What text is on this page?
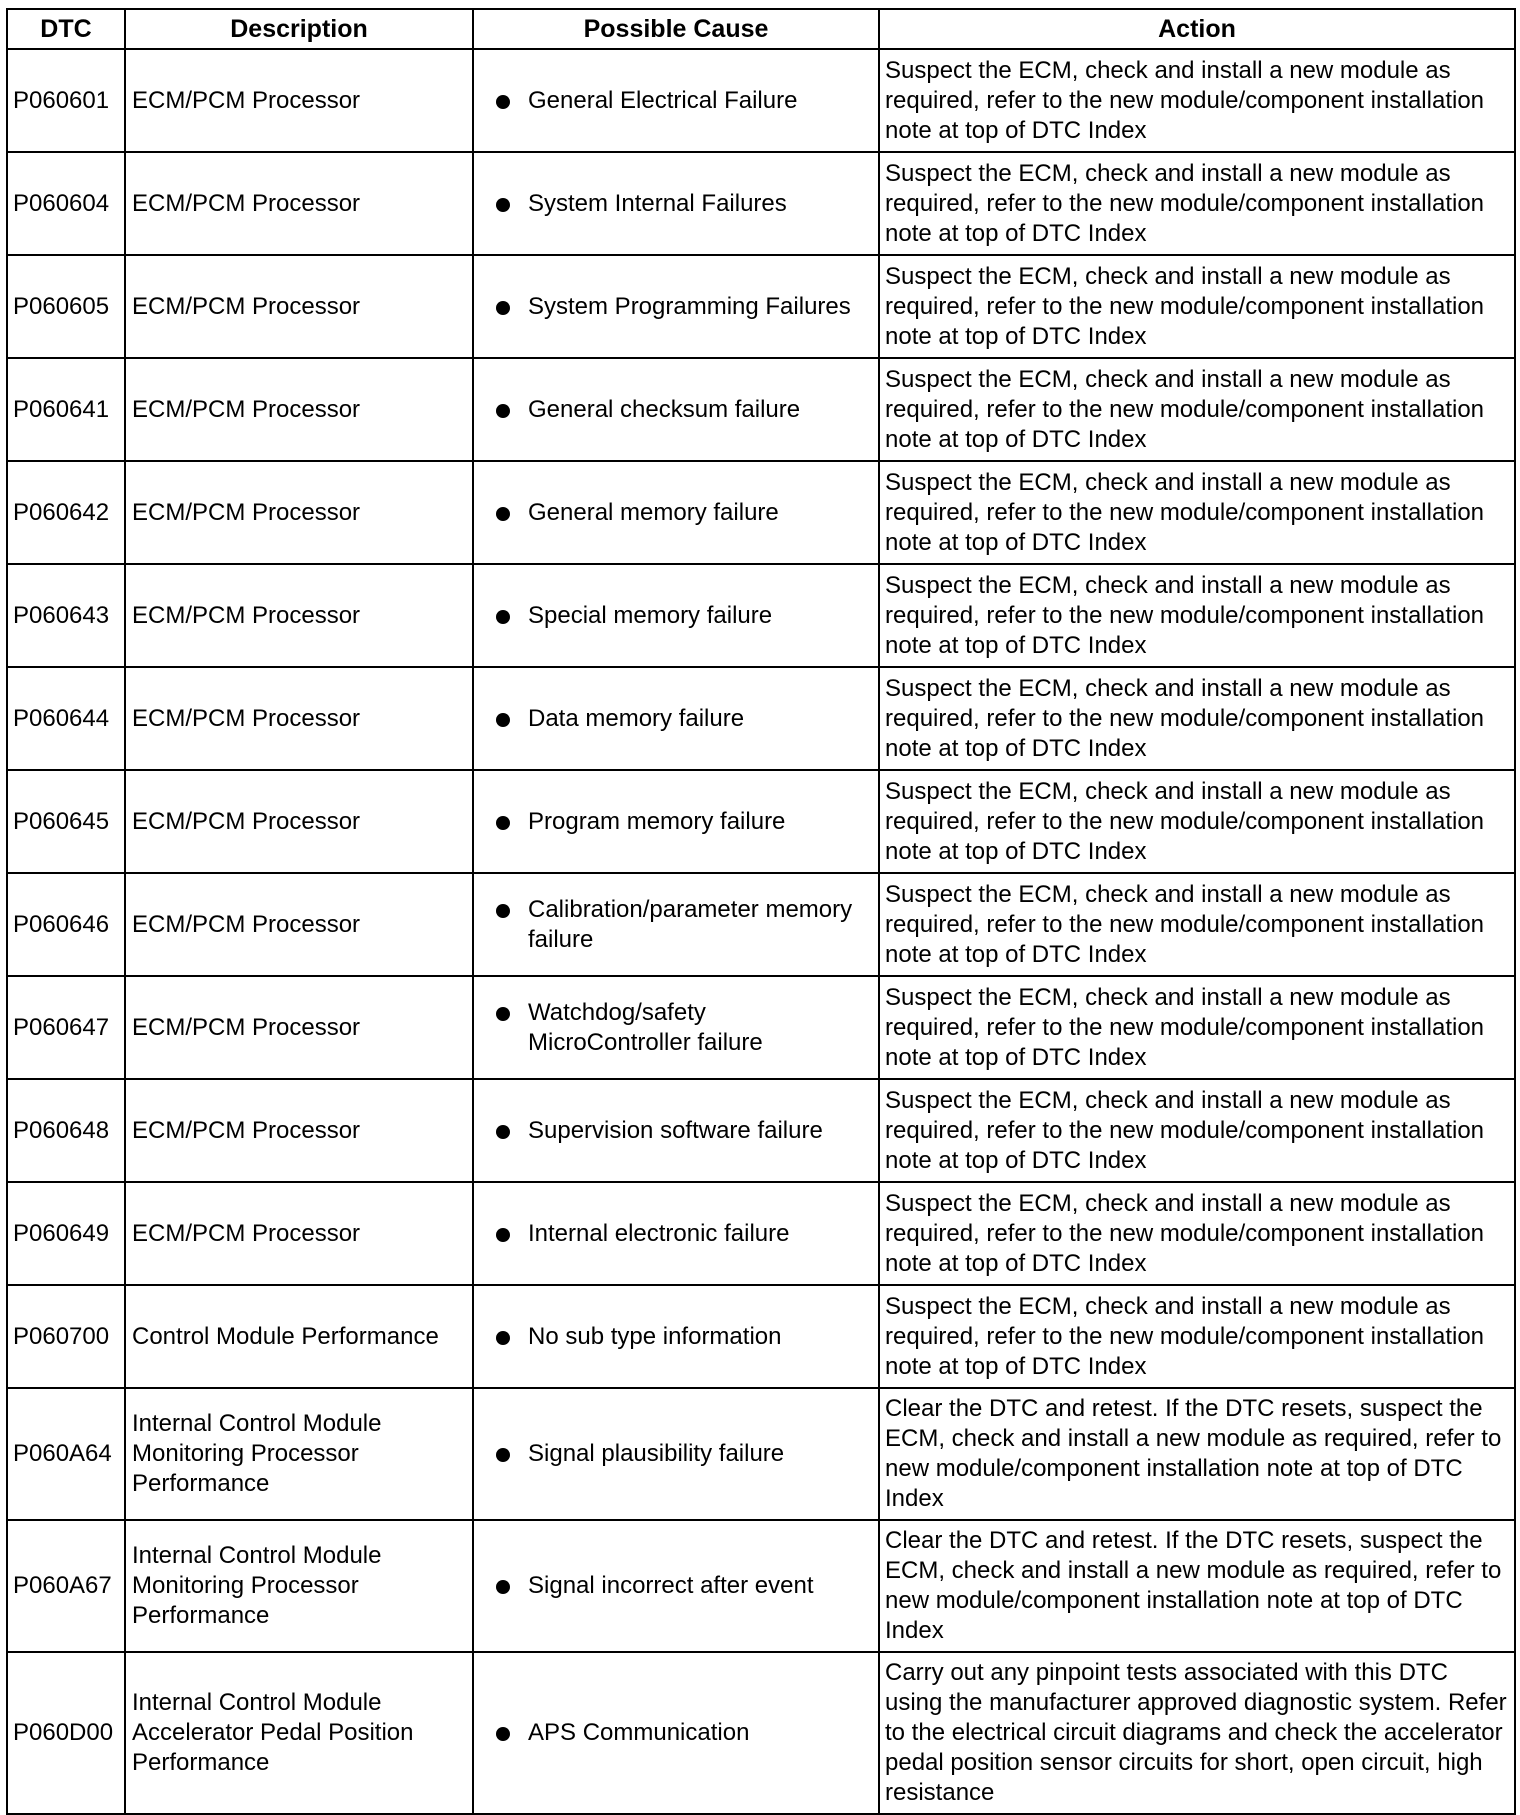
DTC	Description	Possible Cause	Action
P060601	ECM/PCM Processor	General Electrical Failure	Suspect the ECM, check and install a new module as required, refer to the new module/component installation note at top of DTC Index
P060604	ECM/PCM Processor	System Internal Failures	Suspect the ECM, check and install a new module as required, refer to the new module/component installation note at top of DTC Index
P060605	ECM/PCM Processor	System Programming Failures	Suspect the ECM, check and install a new module as required, refer to the new module/component installation note at top of DTC Index
P060641	ECM/PCM Processor	General checksum failure	Suspect the ECM, check and install a new module as required, refer to the new module/component installation note at top of DTC Index
P060642	ECM/PCM Processor	General memory failure	Suspect the ECM, check and install a new module as required, refer to the new module/component installation note at top of DTC Index
P060643	ECM/PCM Processor	Special memory failure	Suspect the ECM, check and install a new module as required, refer to the new module/component installation note at top of DTC Index
P060644	ECM/PCM Processor	Data memory failure	Suspect the ECM, check and install a new module as required, refer to the new module/component installation note at top of DTC Index
P060645	ECM/PCM Processor	Program memory failure	Suspect the ECM, check and install a new module as required, refer to the new module/component installation note at top of DTC Index
P060646	ECM/PCM Processor	Calibration/parameter memory failure	Suspect the ECM, check and install a new module as required, refer to the new module/component installation note at top of DTC Index
P060647	ECM/PCM Processor	Watchdog/safety MicroController failure	Suspect the ECM, check and install a new module as required, refer to the new module/component installation note at top of DTC Index
P060648	ECM/PCM Processor	Supervision software failure	Suspect the ECM, check and install a new module as required, refer to the new module/component installation note at top of DTC Index
P060649	ECM/PCM Processor	Internal electronic failure	Suspect the ECM, check and install a new module as required, refer to the new module/component installation note at top of DTC Index
P060700	Control Module Performance	No sub type information	Suspect the ECM, check and install a new module as required, refer to the new module/component installation note at top of DTC Index
P060A64	Internal Control Module Monitoring Processor Performance	Signal plausibility failure	Clear the DTC and retest. If the DTC resets, suspect the ECM, check and install a new module as required, refer to new module/component installation note at top of DTC Index
P060A67	Internal Control Module Monitoring Processor Performance	Signal incorrect after event	Clear the DTC and retest. If the DTC resets, suspect the ECM, check and install a new module as required, refer to new module/component installation note at top of DTC Index
P060D00	Internal Control Module Accelerator Pedal Position Performance	APS Communication	Carry out any pinpoint tests associated with this DTC using the manufacturer approved diagnostic system. Refer to the electrical circuit diagrams and check the accelerator pedal position sensor circuits for short, open circuit, high resistance
